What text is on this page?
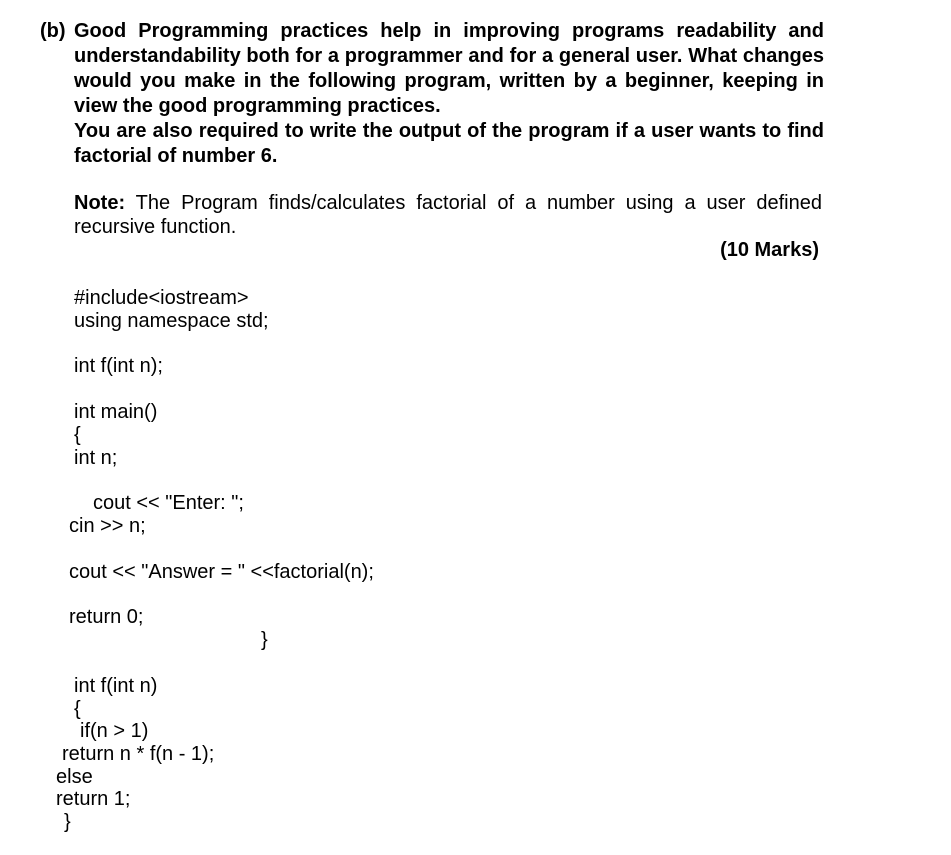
(b) Good Programming practices help in improving programs readability and understandability both for a programmer and for a general user. What changes would you make in the following program, written by a beginner, keeping in view the good programming practices.

You are also required to write the output of the program if a user wants to find factorial of number 6.

Note: The Program finds/calculates factorial of a number using a user defined recursive function.
(10 Marks)
#include<iostream>
using namespace std;
int f(int n);
int main()
{
int n;
cout << "Enter: ";
cin >> n;
cout << "Answer = " <<factorial(n);
return 0;
}
int f(int n)
{
if(n > 1)
return n * f(n - 1);
else
return 1;
}
